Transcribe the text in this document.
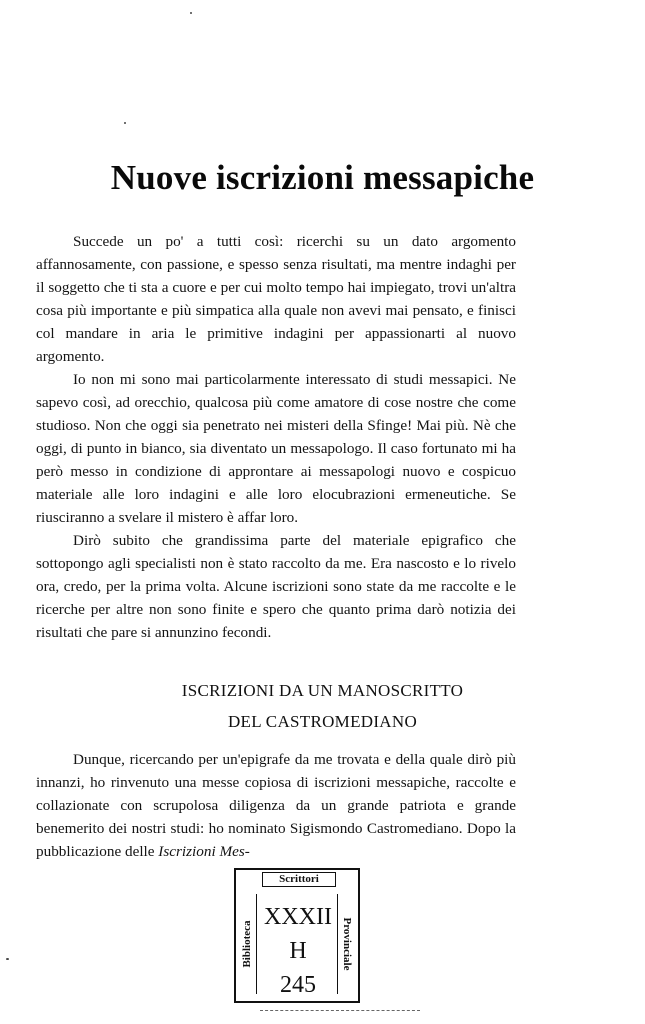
Nuove iscrizioni messapiche

Succede un po' a tutti così: ricerchi su un dato argomento affannosamente, con passione, e spesso senza risultati, ma mentre indaghi per il soggetto che ti sta a cuore e per cui molto tempo hai impiegato, trovi un'altra cosa più importante e più simpatica alla quale non avevi mai pensato, e finisci col mandare in aria le primitive indagini per appassionarti al nuovo argomento.

Io non mi sono mai particolarmente interessato di studi messapici. Ne sapevo così, ad orecchio, qualcosa più come amatore di cose nostre che come studioso. Non che oggi sia penetrato nei misteri della Sfinge! Mai più. Nè che oggi, di punto in bianco, sia diventato un messapologo. Il caso fortunato mi ha però messo in condizione di approntare ai messapologi nuovo e cospicuo materiale alle loro indagini e alle loro elocubrazioni ermeneutiche. Se riusciranno a svelare il mistero è affar loro.

Dirò subito che grandissima parte del materiale epigrafico che sottopongo agli specialisti non è stato raccolto da me. Era nascosto e lo rivelo ora, credo, per la prima volta. Alcune iscrizioni sono state da me raccolte e le ricerche per altre non sono finite e spero che quanto prima darò notizia dei risultati che pare si annunzino fecondi.

ISCRIZIONI DA UN MANOSCRITTO
DEL CASTROMEDIANO

Dunque, ricercando per un'epigrafe da me trovata e della quale dirò più innanzi, ho rinvenuto una messe copiosa di iscrizioni messapiche, raccolte e collazionate con scrupolosa diligenza da un grande patriota e grande benemerito dei nostri studi: ho nominato Sigismondo Castromediano. Dopo la pubblicazione delle Iscrizioni Mes-

Scrittori
Biblioteca	Provinciale
XXXII
H
245
